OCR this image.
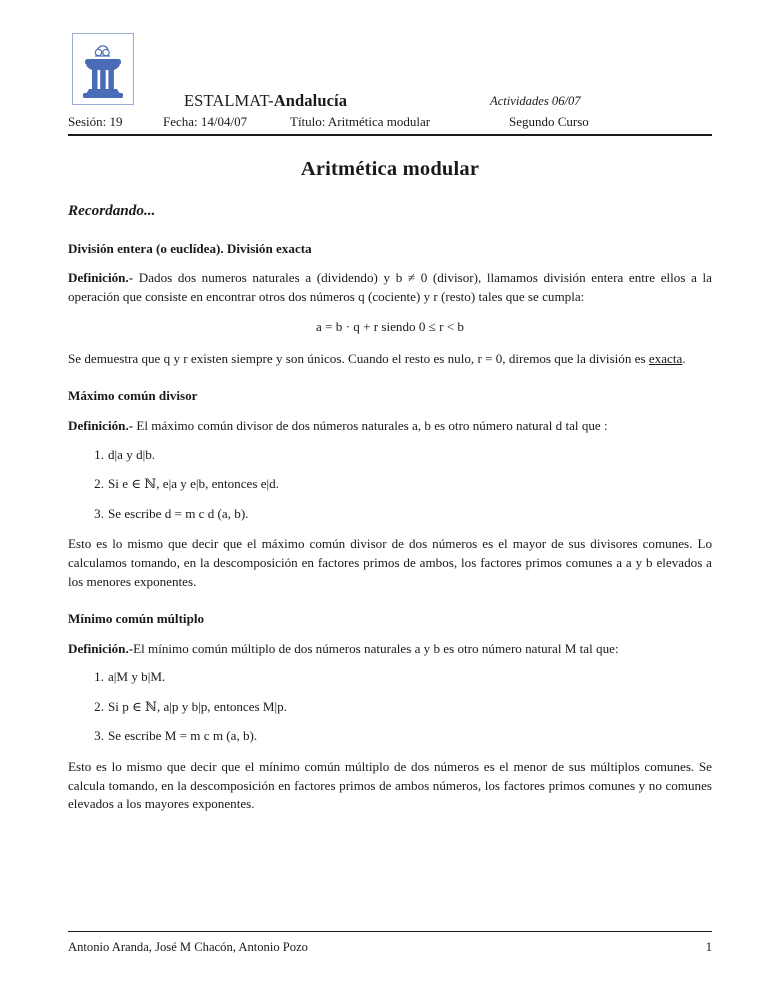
ESTALMAT-Andalucía	Actividades 06/07
Sesión: 19	Fecha: 14/04/07	Título: Aritmética modular	Segundo Curso
Aritmética modular
Recordando...
División entera (o euclídea). División exacta

Definición.- Dados dos numeros naturales a (dividendo) y b ≠ 0 (divisor), llamamos división entera entre ellos a la operación que consiste en encontrar otros dos números q (cociente) y r (resto) tales que se cumpla:

a = b · q + r siendo 0 ≤ r < b

Se demuestra que q y r existen siempre y son únicos. Cuando el resto es nulo, r = 0, diremos que la división es exacta.

Máximo común divisor

Definición.- El máximo común divisor de dos números naturales a, b es otro número natural d tal que :

d|a y d|b.
Si e ∈ ℕ, e|a y e|b, entonces e|d.
Se escribe d = m c d (a, b).

Esto es lo mismo que decir que el máximo común divisor de dos números es el mayor de sus divisores comunes. Lo calculamos tomando, en la descomposición en factores primos de ambos, los factores primos comunes a a y b elevados a los menores exponentes.

Mínimo común múltiplo

Definición.-El mínimo común múltiplo de dos números naturales a y b es otro número natural M tal que:

a|M y b|M.
Si p ∈ ℕ, a|p y b|p, entonces M|p.
Se escribe M = m c m (a, b).

Esto es lo mismo que decir que el mínimo común múltiplo de dos números es el menor de sus múltiplos comunes. Se calcula tomando, en la descomposición en factores primos de ambos números, los factores primos comunes y no comunes elevados a los mayores exponentes.

Antonio Aranda, José M Chacón, Antonio Pozo	1
